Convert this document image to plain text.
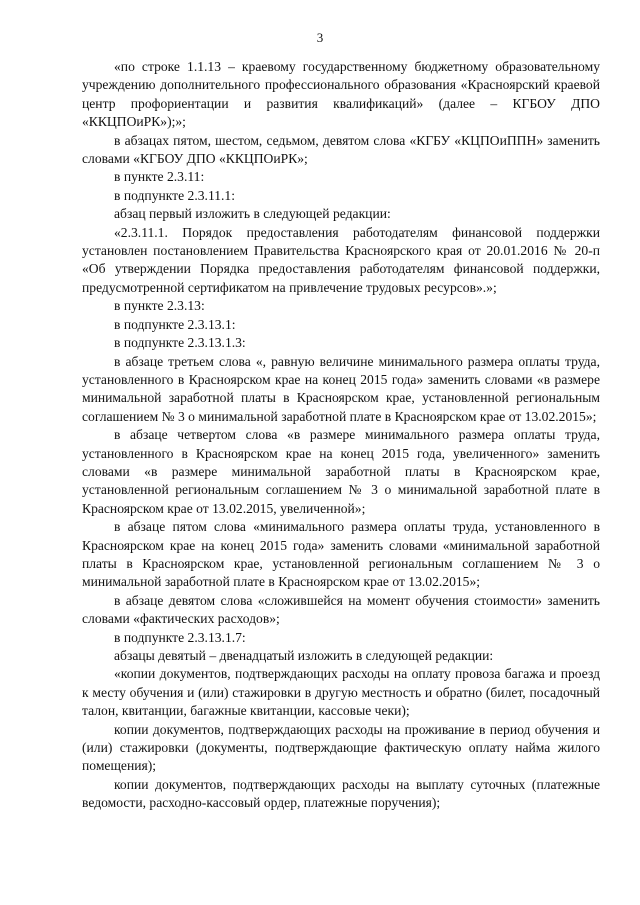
3

«по строке 1.1.13 – краевому государственному бюджетному образовательному учреждению дополнительного профессионального образования «Красноярский краевой центр профориентации и развития квалификаций» (далее – КГБОУ ДПО «ККЦПОиРК»);»;

в абзацах пятом, шестом, седьмом, девятом слова «КГБУ «КЦПОиППН» заменить словами «КГБОУ ДПО «ККЦПОиРК»;

в пункте 2.3.11:

в подпункте 2.3.11.1:

абзац первый изложить в следующей редакции:

«2.3.11.1. Порядок предоставления работодателям финансовой поддержки установлен постановлением Правительства Красноярского края от 20.01.2016 № 20-п «Об утверждении Порядка предоставления работодателям финансовой поддержки, предусмотренной сертификатом на привлечение трудовых ресурсов».»;

в пункте 2.3.13:

в подпункте 2.3.13.1:

в подпункте 2.3.13.1.3:

в абзаце третьем слова «, равную величине минимального размера оплаты труда, установленного в Красноярском крае на конец 2015 года» заменить словами «в размере минимальной заработной платы в Красноярском крае, установленной региональным соглашением № 3 о минимальной заработной плате в Красноярском крае от 13.02.2015»;

в абзаце четвертом слова «в размере минимального размера оплаты труда, установленного в Красноярском крае на конец 2015 года, увеличенного» заменить словами «в размере минимальной заработной платы в Красноярском крае, установленной региональным соглашением № 3 о минимальной заработной плате в Красноярском крае от 13.02.2015, увеличенной»;

в абзаце пятом слова «минимального размера оплаты труда, установленного в Красноярском крае на конец 2015 года» заменить словами «минимальной заработной платы в Красноярском крае, установленной региональным соглашением № 3 о минимальной заработной плате в Красноярском крае от 13.02.2015»;

в абзаце девятом слова «сложившейся на момент обучения стоимости» заменить словами «фактических расходов»;

в подпункте 2.3.13.1.7:

абзацы девятый – двенадцатый изложить в следующей редакции:

«копии документов, подтверждающих расходы на оплату провоза багажа и проезд к месту обучения и (или) стажировки в другую местность и обратно (билет, посадочный талон, квитанции, багажные квитанции, кассовые чеки);

копии документов, подтверждающих расходы на проживание в период обучения и (или) стажировки (документы, подтверждающие фактическую оплату найма жилого помещения);

копии документов, подтверждающих расходы на выплату суточных (платежные ведомости, расходно-кассовый ордер, платежные поручения);
